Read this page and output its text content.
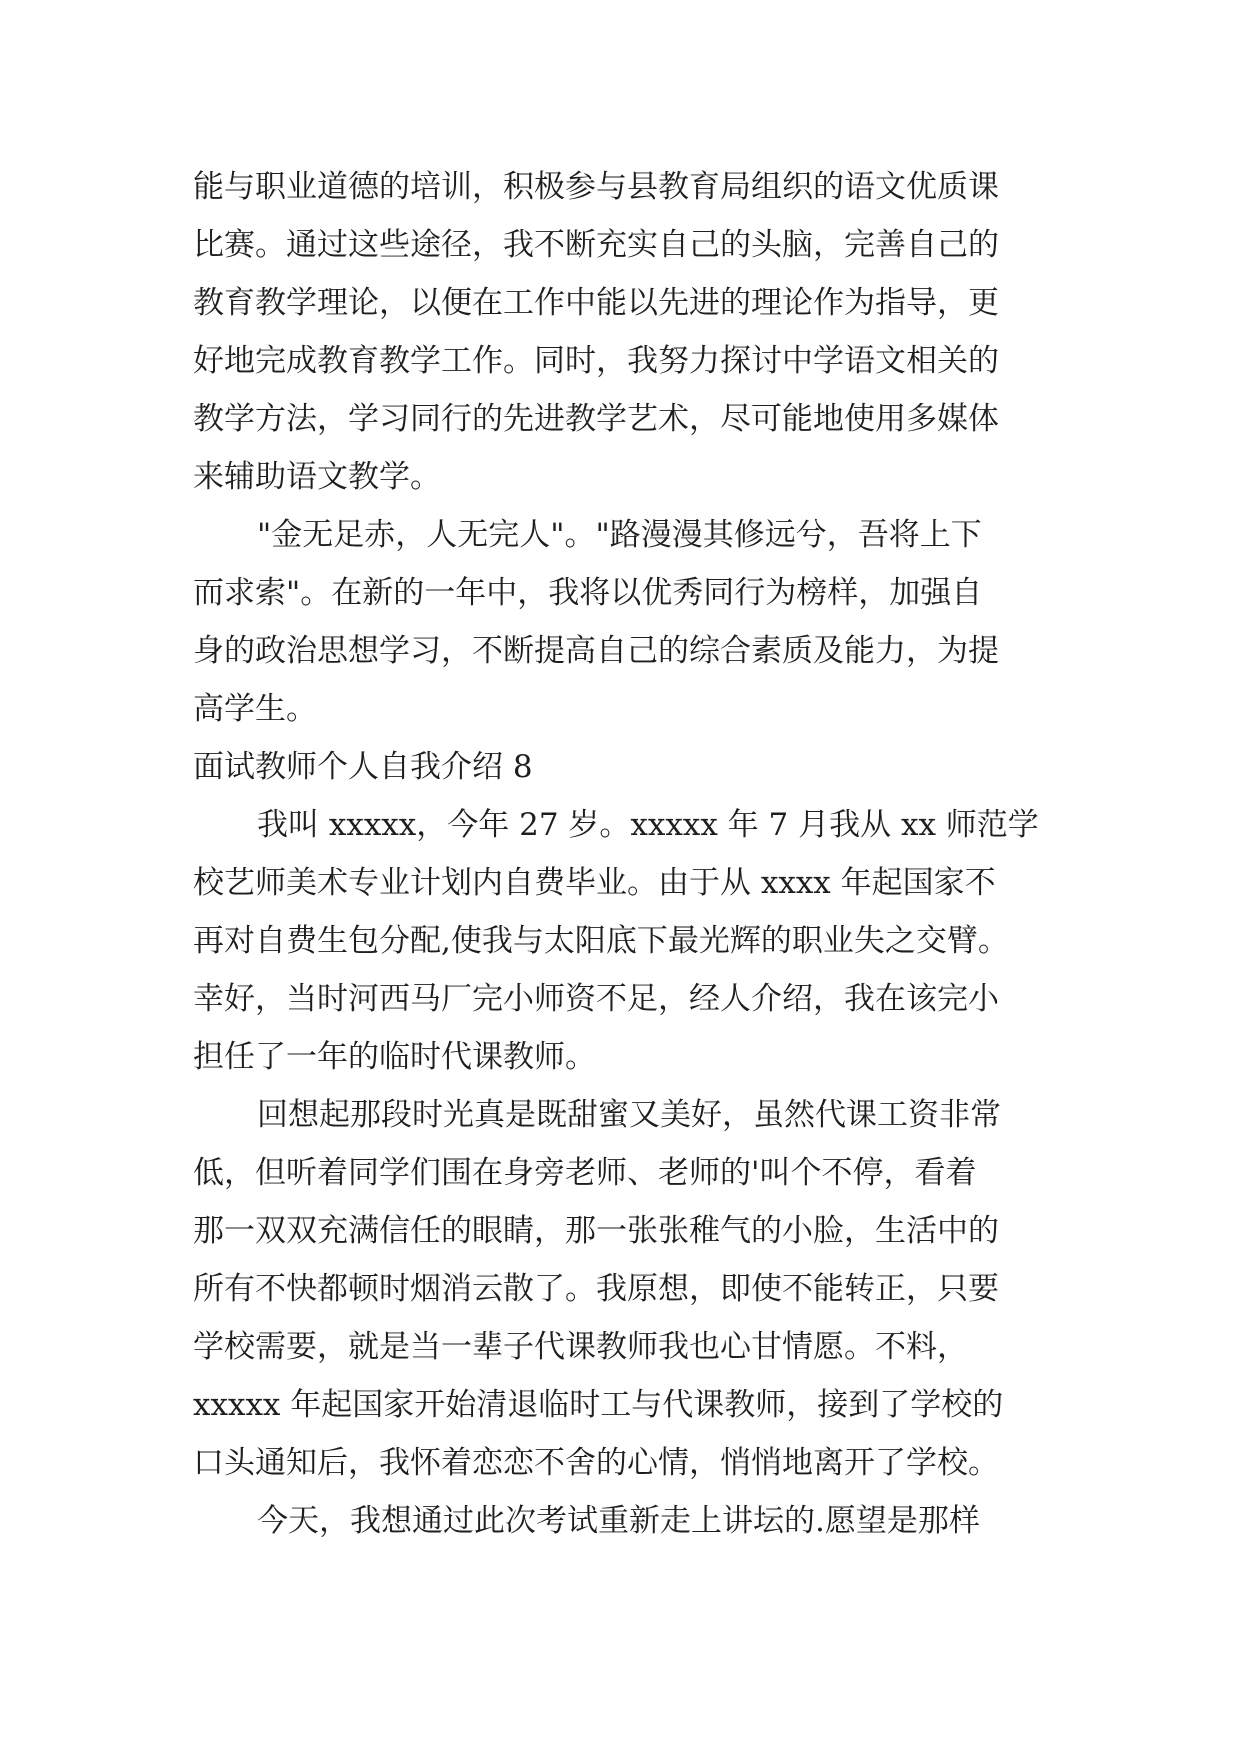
能与职业道德的培训，积极参与县教育局组织的语文优质课
比赛。通过这些途径，我不断充实自己的头脑，完善自己的
教育教学理论，以便在工作中能以先进的理论作为指导，更
好地完成教育教学工作。同时，我努力探讨中学语文相关的
教学方法，学习同行的先进教学艺术，尽可能地使用多媒体
来辅助语文教学。
"金无足赤，人无完人"。"路漫漫其修远兮，吾将上下
而求索"。在新的一年中，我将以优秀同行为榜样，加强自
身的政治思想学习，不断提高自己的综合素质及能力，为提
高学生。
面试教师个人自我介绍 8
我叫 xxxxx，今年 27 岁。xxxxx 年 7 月我从 xx 师范学
校艺师美术专业计划内自费毕业。由于从 xxxx 年起国家不
再对自费生包分配,使我与太阳底下最光辉的职业失之交臂。
幸好，当时河西马厂完小师资不足，经人介绍，我在该完小
担任了一年的临时代课教师。
回想起那段时光真是既甜蜜又美好，虽然代课工资非常
低，但听着同学们围在身旁老师、老师的'叫个不停，看着
那一双双充满信任的眼睛，那一张张稚气的小脸，生活中的
所有不快都顿时烟消云散了。我原想，即使不能转正，只要
学校需要，就是当一辈子代课教师我也心甘情愿。不料，
xxxxx 年起国家开始清退临时工与代课教师，接到了学校的
口头通知后，我怀着恋恋不舍的心情，悄悄地离开了学校。
今天，我想通过此次考试重新走上讲坛的.愿望是那样
